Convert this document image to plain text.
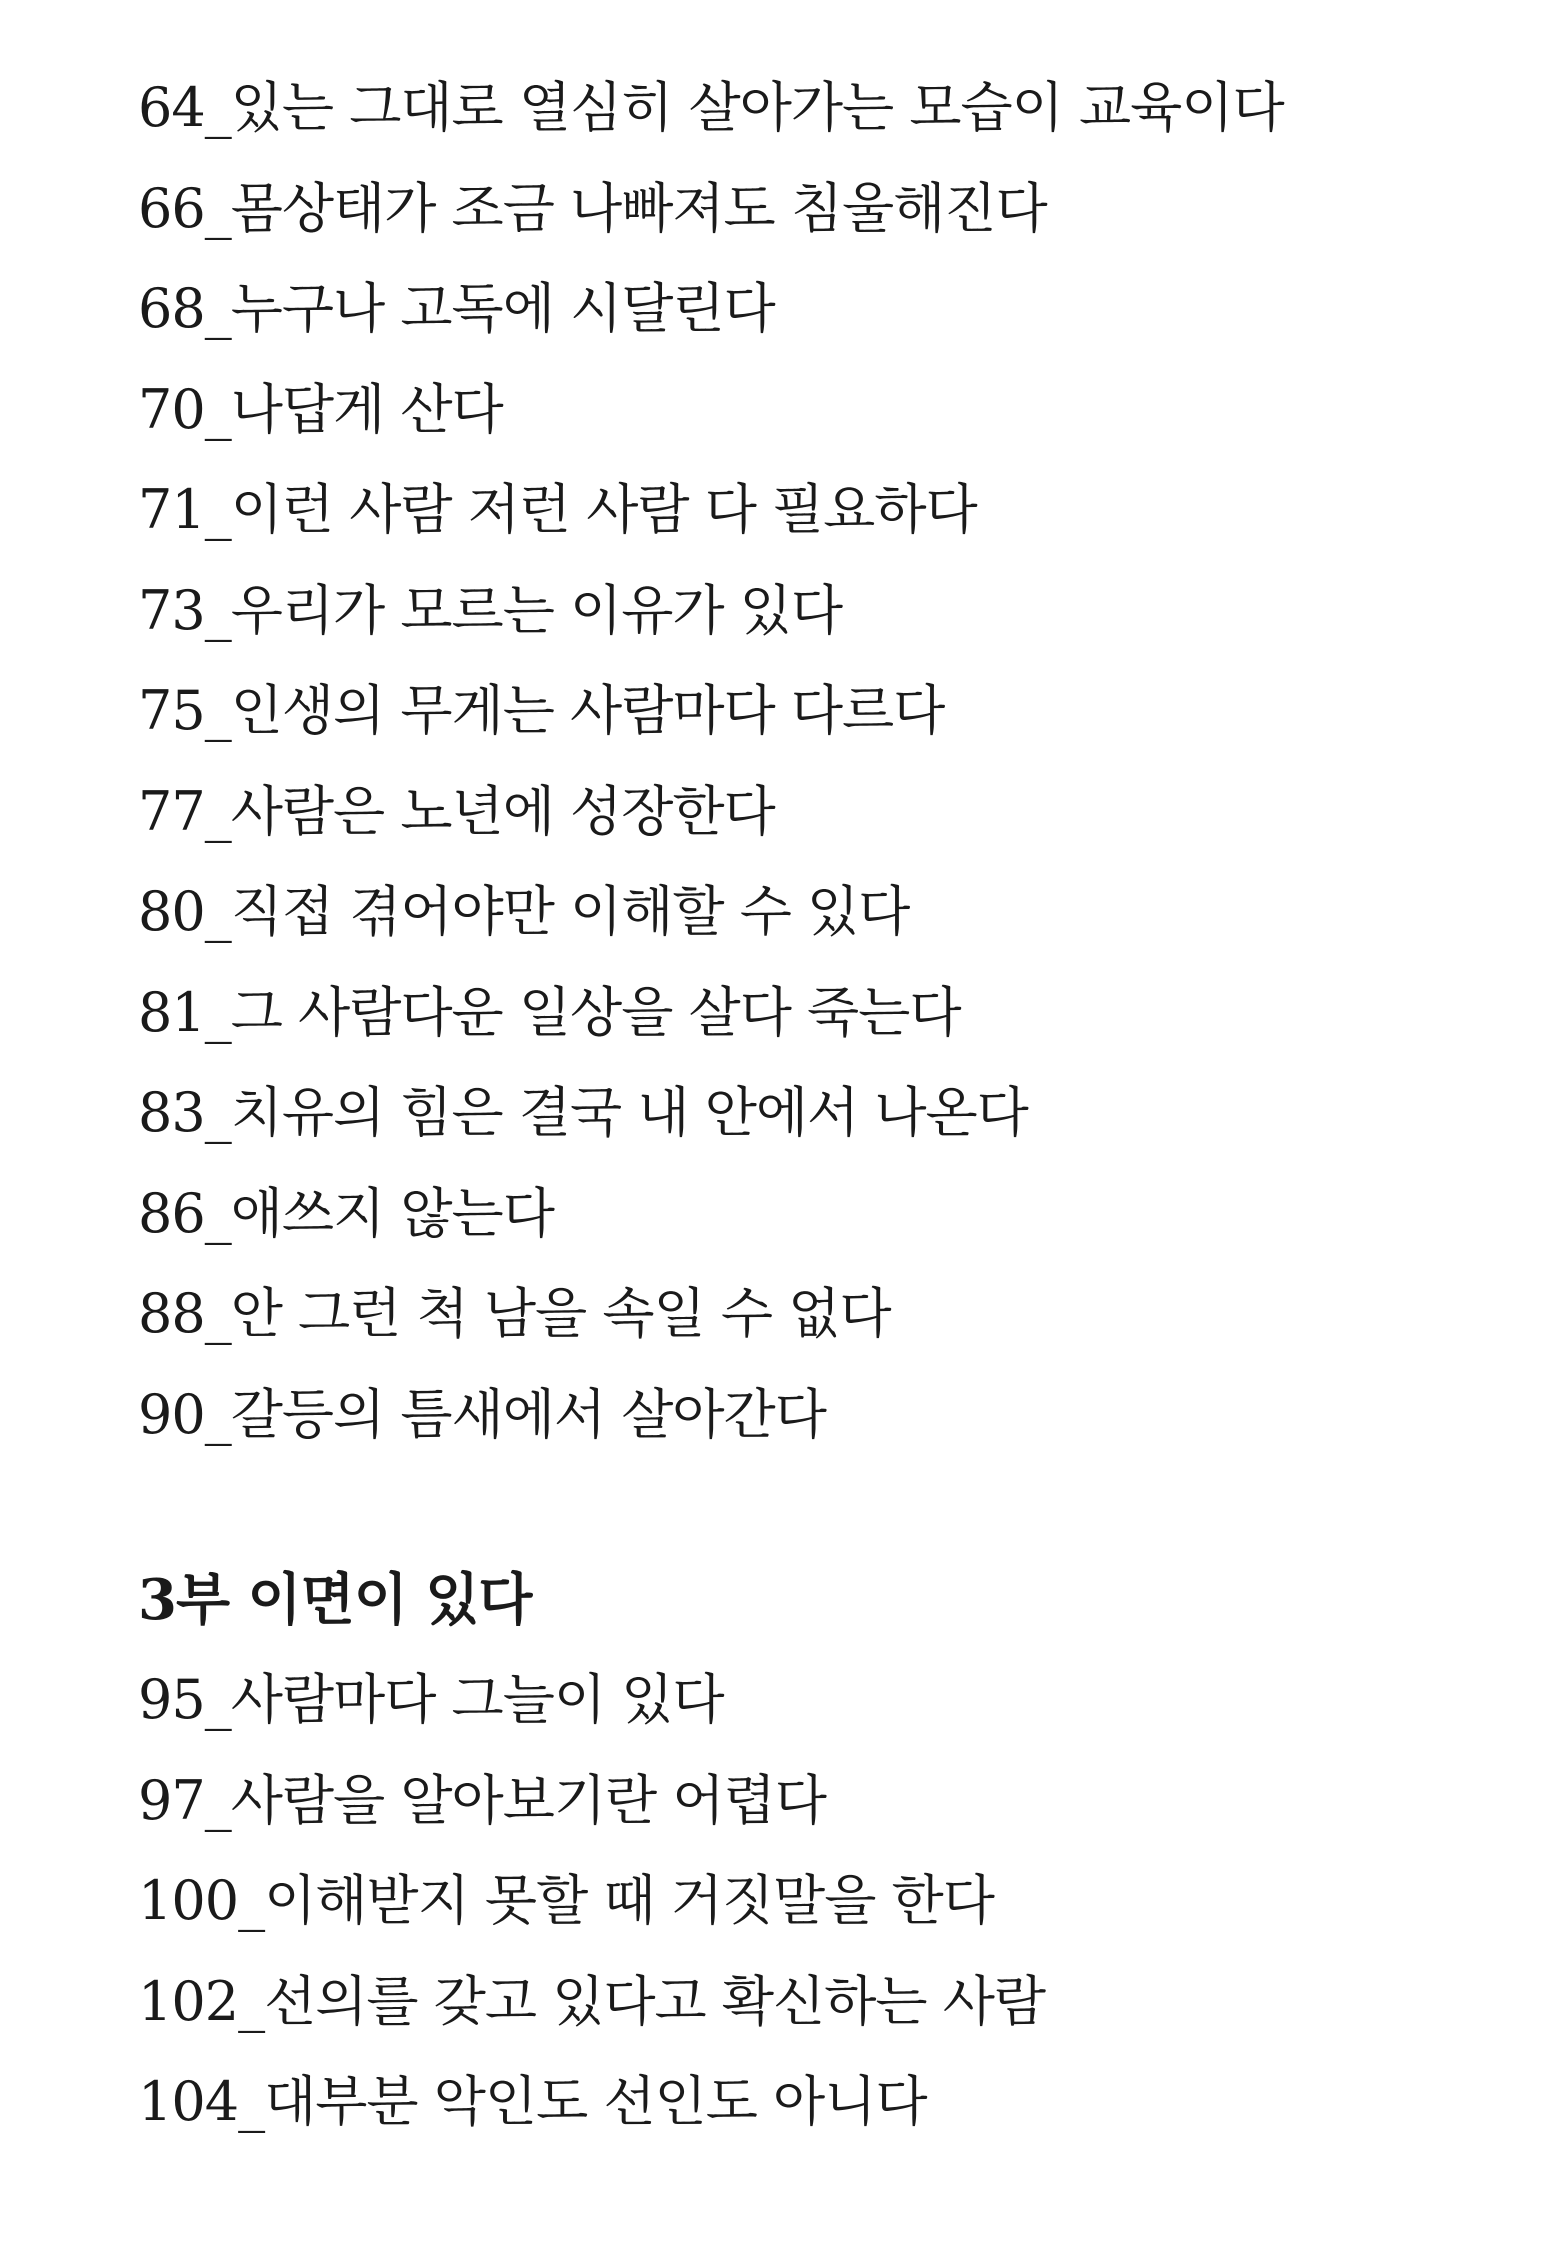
64_있는 그대로 열심히 살아가는 모습이 교육이다
66_몸상태가 조금 나빠져도 침울해진다
68_누구나 고독에 시달린다
70_나답게 산다
71_이런 사람 저런 사람 다 필요하다
73_우리가 모르는 이유가 있다
75_인생의 무게는 사람마다 다르다
77_사람은 노년에 성장한다
80_직접 겪어야만 이해할 수 있다
81_그 사람다운 일상을 살다 죽는다
83_치유의 힘은 결국 내 안에서 나온다
86_애쓰지 않는다
88_안 그런 척 남을 속일 수 없다
90_갈등의 틈새에서 살아간다
3부 이면이 있다
95_사람마다 그늘이 있다
97_사람을 알아보기란 어렵다
100_이해받지 못할 때 거짓말을 한다
102_선의를 갖고 있다고 확신하는 사람
104_대부분 악인도 선인도 아니다
